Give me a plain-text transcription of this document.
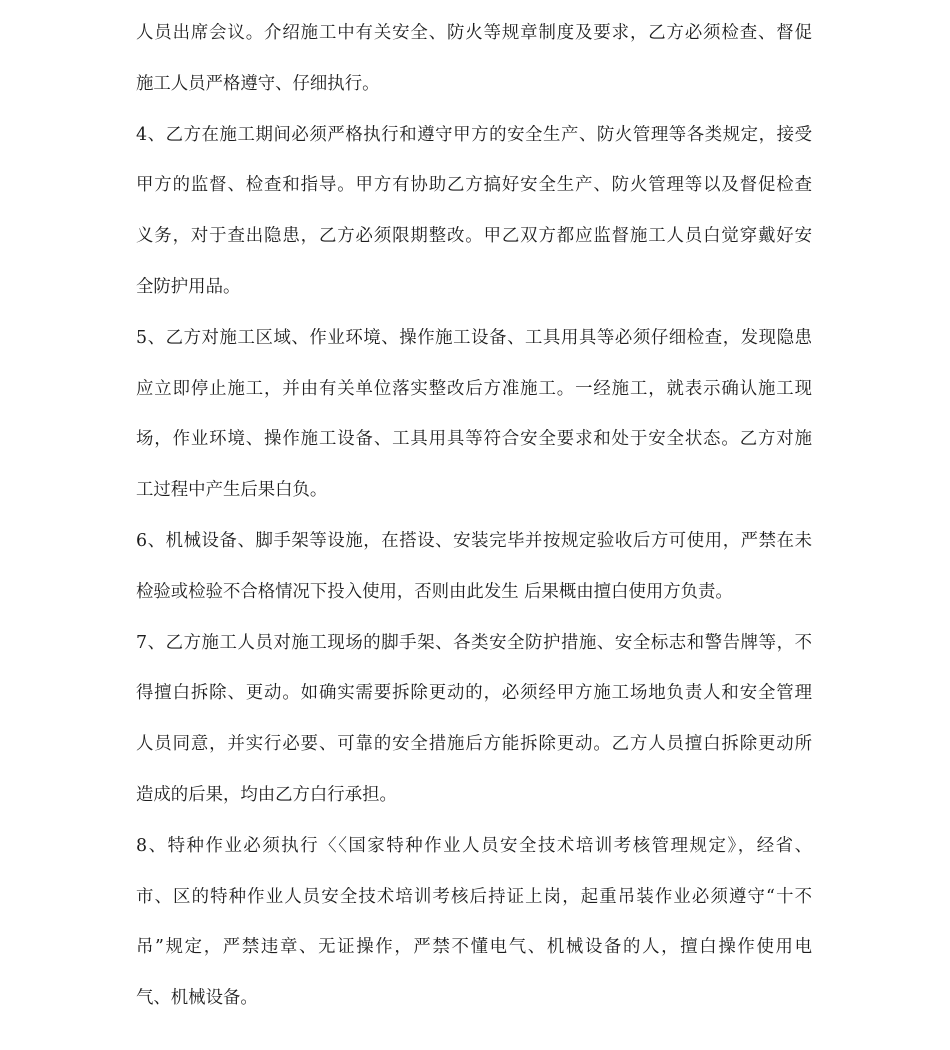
人员出席会议。介绍施工中有关安全、防火等规章制度及要求，乙方必须检查、督促
施工人员严格遵守、仔细执行。
4、乙方在施工期间必须严格执行和遵守甲方的安全生产、防火管理等各类规定，接受
甲方的监督、检查和指导。甲方有协助乙方搞好安全生产、防火管理等以及督促检查
义务，对于查出隐患，乙方必须限期整改。甲乙双方都应监督施工人员白觉穿戴好安
全防护用品。
5、乙方对施工区域、作业环境、操作施工设备、工具用具等必须仔细检查，发现隐患
应立即停止施工，并由有关单位落实整改后方准施工。一经施工，就表示确认施工现
场，作业环境、操作施工设备、工具用具等符合安全要求和处于安全状态。乙方对施
工过程中产生后果白负。
6、机械设备、脚手架等设施，在搭设、安装完毕并按规定验收后方可使用，严禁在未
检验或检验不合格情况下投入使用，否则由此发生 后果概由擅白使用方负责。
7、乙方施工人员对施工现场的脚手架、各类安全防护措施、安全标志和警告牌等，不
得擅白拆除、更动。如确实需要拆除更动的，必须经甲方施工场地负责人和安全管理
人员同意，并实行必要、可靠的安全措施后方能拆除更动。乙方人员擅白拆除更动所
造成的后果，均由乙方白行承担。
8、特种作业必须执行〈〈国家特种作业人员安全技术培训考核管理规定》，经省、
市、区的特种作业人员安全技术培训考核后持证上岗，起重吊装作业必须遵守“十不
吊”规定，严禁违章、无证操作，严禁不懂电气、机械设备的人，擅白操作使用电
气、机械设备。
